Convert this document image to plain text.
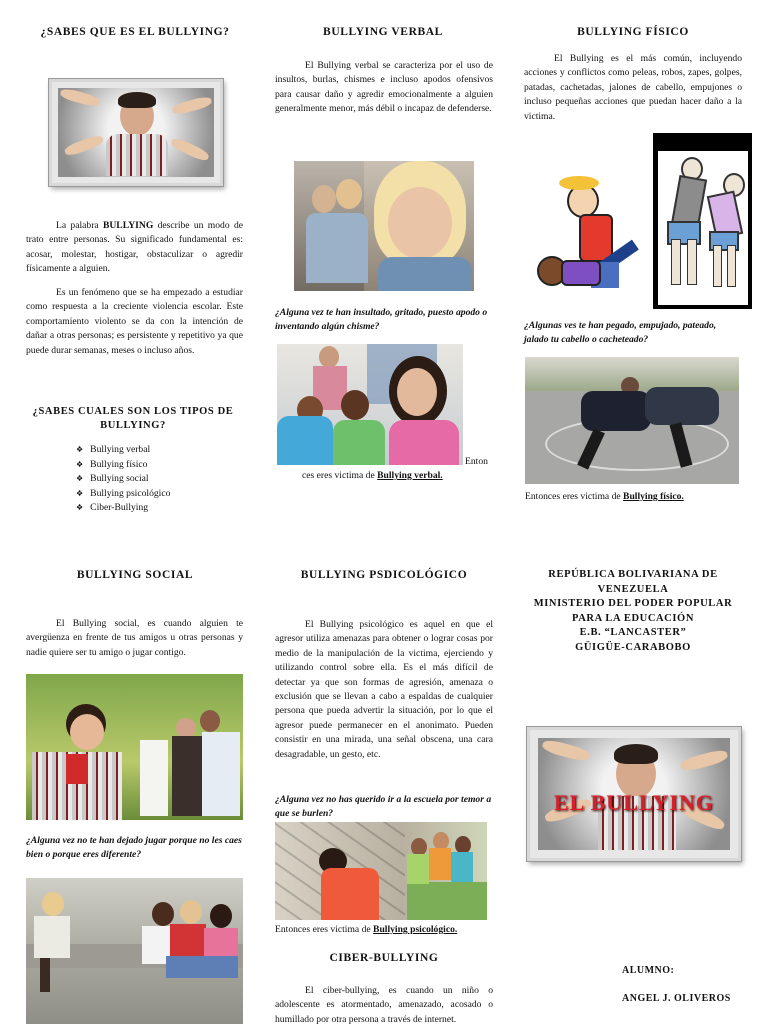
¿SABES QUE ES EL BULLYING?

La palabra BULLYING describe un modo de trato entre personas. Su significado fundamental es: acosar, molestar, hostigar, obstaculizar o agredir físicamente a alguien.

Es un fenómeno que se ha empezado a estudiar como respuesta a la creciente violencia escolar. Este comportamiento violento se da con la intención de dañar a otras personas; es persistente y repetitivo ya que puede durar semanas, meses o incluso años.

¿SABES CUALES SON LOS TIPOS DE BULLYING?
❖ Bullying verbal
❖ Bullying físico
❖ Bullying social
❖ Bullying psicológico
❖ Ciber-Bullying
BULLYING VERBAL

El Bullying verbal se caracteriza por el uso de insultos, burlas, chismes e incluso apodos ofensivos para causar daño y agredir emocionalmente a alguien generalmente menor, más débil o incapaz de defenderse.

¿Alguna vez te han insultado, gritado, puesto apodo o inventando algún chisme?

Enton

ces eres victima de Bullying verbal.

BULLYING FÍSICO

El Bullying es el más común, incluyendo acciones y conflictos como peleas, robos, zapes, golpes, patadas, cachetadas, jalones de cabello, empujones o incluso pequeñas acciones que puedan hacer daño a la victima.

¿Algunas ves te han pegado, empujado, pateado, jalado tu cabello o cacheteado?

Entonces eres victima de Bullying físico.

BULLYING SOCIAL

El Bullying social, es cuando alguien te avergüenza en frente de tus amigos u otras personas y nadie quiere ser tu amigo o jugar contigo.

¿Alguna vez no te han dejado jugar porque no les caes bien o porque eres diferente?

BULLYING PSDICOLÓGICO

El Bullying psicológico es aquel en que el agresor utiliza amenazas para obtener o lograr cosas por medio de la manipulación de la victima, ejerciendo y utilizando control sobre ella. Es el más difícil de detectar ya que son formas de agresión, amenaza o exclusión que se llevan a cabo a espaldas de cualquier persona que pueda advertir la situación, por lo que el agresor puede permanecer en el anonimato. Pueden consistir en una mirada, una señal obscena, una cara desagradable, un gesto, etc.

¿Alguna vez no has querido ir a la escuela por temor a que se burlen?

Entonces eres victima de Bullying psicológico.

CIBER-BULLYING

El ciber-bullying, es cuando un niño o adolescente es atormentado, amenazado, acosado o humillado por otra persona a través de internet.

REPÚBLICA BOLIVARIANA DE VENEZUELA
MINISTERIO DEL PODER POPULAR PARA LA EDUCACIÓN
E.B. “LANCASTER”
GÜIGÜE-CARABOBO
EL BULLYING
ALUMNO:
ANGEL J. OLIVEROS
